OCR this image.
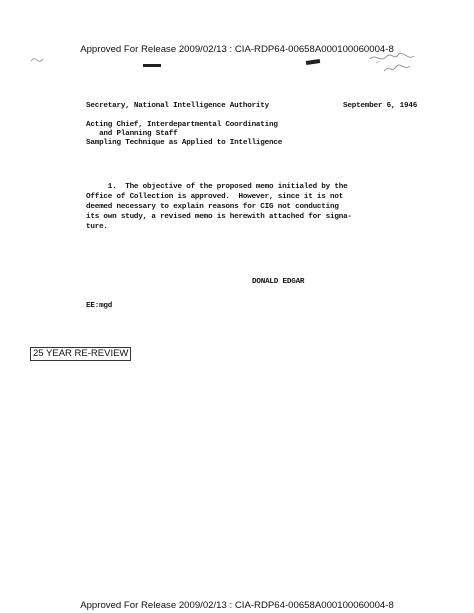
Approved For Release 2009/02/13 : CIA-RDP64-00658A000100060004-8
Secretary, National Intelligence Authority	September 6, 1946
Acting Chief, Interdepartmental Coordinating
and Planning Staff
Sampling Technique as Applied to Intelligence
1.  The objective of the proposed memo initialed by the
Office of Collection is approved.  However, since it is not
deemed necessary to explain reasons for CIG not conducting
its own study, a revised memo is herewith attached for signa-
ture.
DONALD EDGAR
EE:mgd
25 YEAR RE-REVIEW
Approved For Release 2009/02/13 : CIA-RDP64-00658A000100060004-8
